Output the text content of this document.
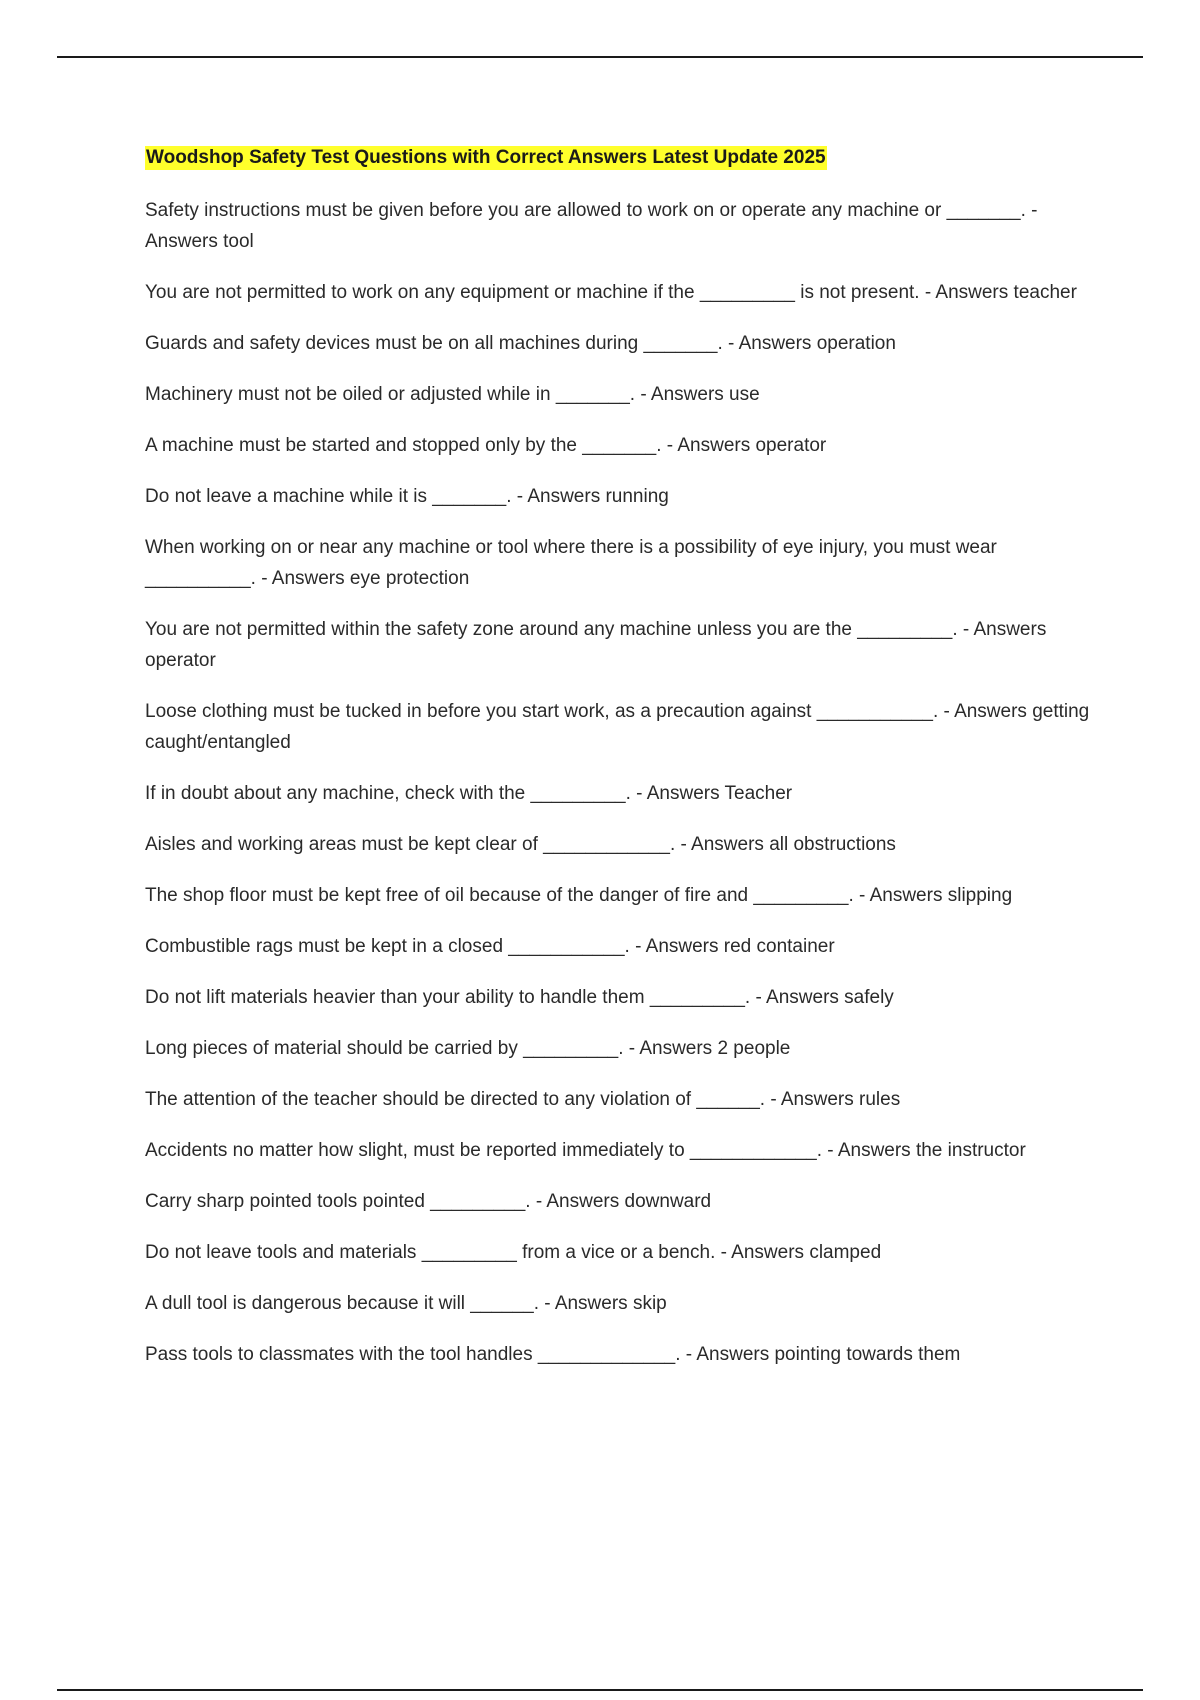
Woodshop Safety Test Questions with Correct Answers Latest Update 2025

Safety instructions must be given before you are allowed to work on or operate any machine or _______. - Answers tool

You are not permitted to work on any equipment or machine if the _________ is not present. - Answers teacher

Guards and safety devices must be on all machines during _______. - Answers operation

Machinery must not be oiled or adjusted while in _______. - Answers use

A machine must be started and stopped only by the _______. - Answers operator

Do not leave a machine while it is _______. - Answers running

When working on or near any machine or tool where there is a possibility of eye injury, you must wear __________. - Answers eye protection

You are not permitted within the safety zone around any machine unless you are the _________. - Answers operator

Loose clothing must be tucked in before you start work, as a precaution against ___________. - Answers getting caught/entangled

If in doubt about any machine, check with the _________. - Answers Teacher

Aisles and working areas must be kept clear of ____________. - Answers all obstructions

The shop floor must be kept free of oil because of the danger of fire and _________. - Answers slipping

Combustible rags must be kept in a closed ___________. - Answers red container

Do not lift materials heavier than your ability to handle them _________. - Answers safely

Long pieces of material should be carried by _________. - Answers 2 people

The attention of the teacher should be directed to any violation of ______. - Answers rules

Accidents no matter how slight, must be reported immediately to ____________. - Answers the instructor

Carry sharp pointed tools pointed _________. - Answers downward

Do not leave tools and materials _________ from a vice or a bench. - Answers clamped

A dull tool is dangerous because it will ______. - Answers skip

Pass tools to classmates with the tool handles _____________. - Answers pointing towards them
